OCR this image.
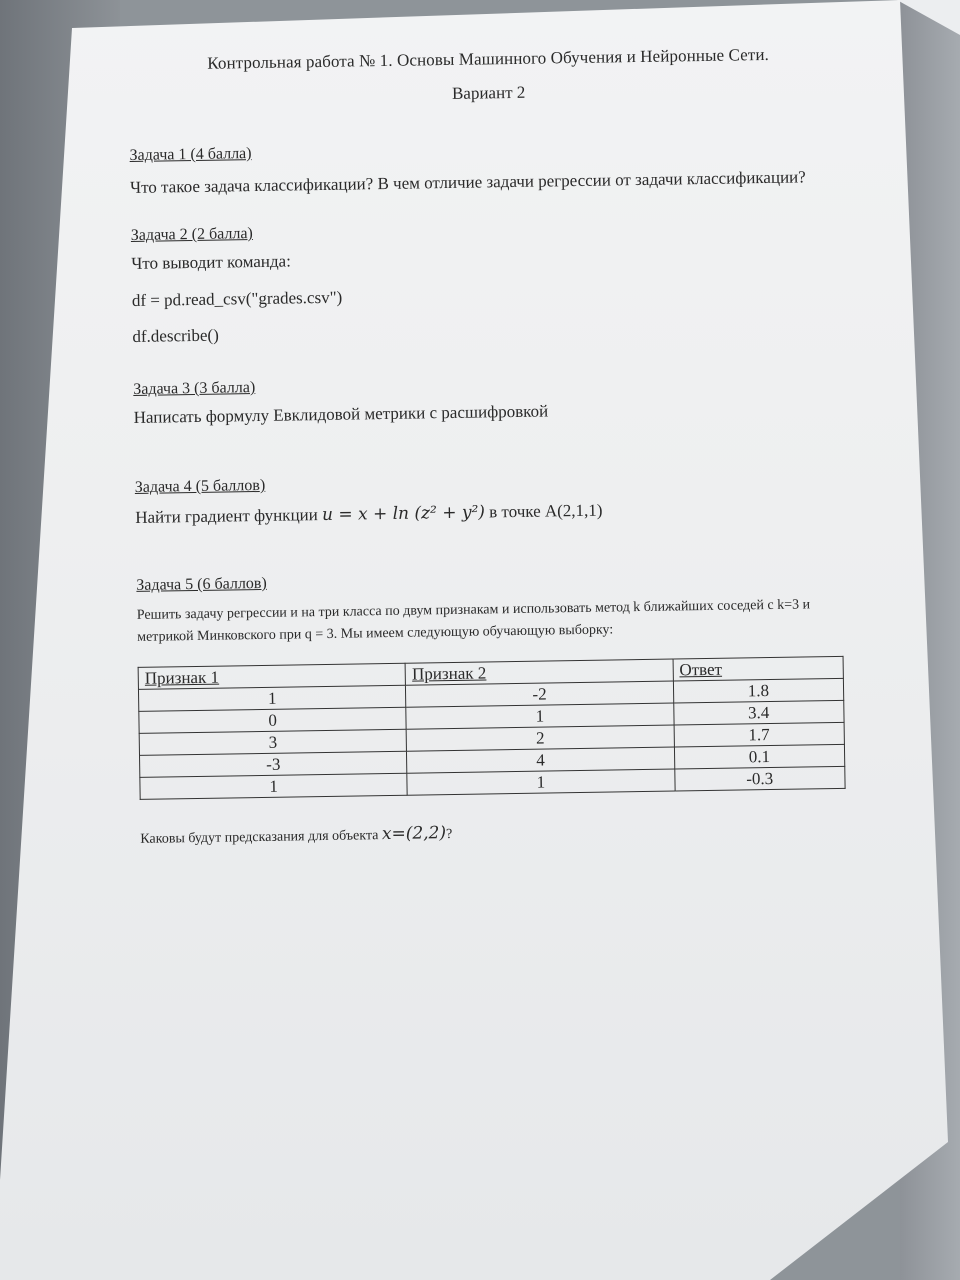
Контрольная работа № 1. Основы Машинного Обучения и Нейронные Сети.
Вариант 2
Задача 1 (4 балла)
Что такое задача классификации? В чем отличие задачи регрессии от задачи классификации?
Задача 2 (2 балла)
Что выводит команда:
df = pd.read_csv("grades.csv")
df.describe()
Задача 3 (3 балла)
Написать формулу Евклидовой метрики с расшифровкой
Задача 4 (5 баллов)
Найти градиент функции u = x + ln (z² + y²) в точке A(2,1,1)
Задача 5 (6 баллов)
Решить задачу регрессии и на три класса по двум признакам и использовать метод k ближайших соседей с k=3 и метрикой Минковского при q = 3. Мы имеем следующую обучающую выборку:
Признак 1	Признак 2	Ответ
1	-2	1.8
0	1	3.4
3	2	1.7
-3	4	0.1
1	1	-0.3
Каковы будут предсказания для объекта x=(2,2)?
